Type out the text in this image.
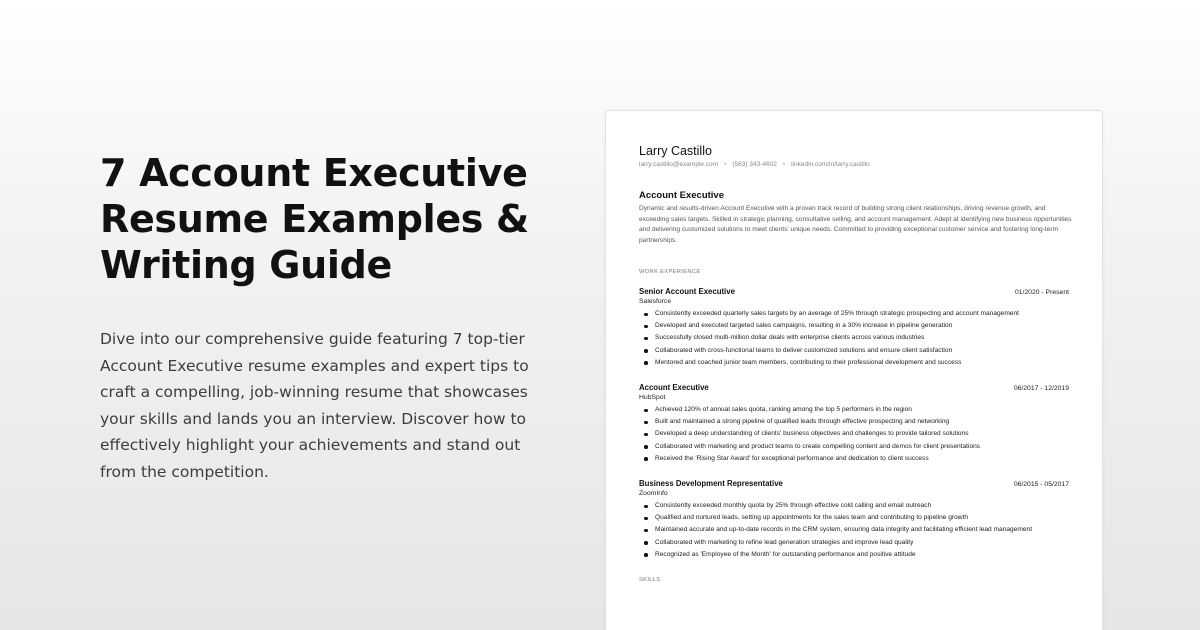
7 Account Executive
Resume Examples &
Writing Guide

Dive into our comprehensive guide featuring 7 top-tier Account Executive resume examples and expert tips to craft a compelling, job-winning resume that showcases your skills and lands you an interview. Discover how to effectively highlight your achievements and stand out from the competition.

Larry Castillo
larry.castillo@example.com • (563) 343-4602 • linkedin.com/in/larry.castillo
Account Executive
Dynamic and results-driven Account Executive with a proven track record of building strong client relationships, driving revenue growth, and exceeding sales targets. Skilled in strategic planning, consultative selling, and account management. Adept at identifying new business opportunities and delivering customized solutions to meet clients' unique needs. Committed to providing exceptional customer service and fostering long-term partnerships.
WORK EXPERIENCE
Senior Account Executive	01/2020 - Present
Salesforce
Consistently exceeded quarterly sales targets by an average of 25% through strategic prospecting and account management
Developed and executed targeted sales campaigns, resulting in a 30% increase in pipeline generation
Successfully closed multi-million dollar deals with enterprise clients across various industries
Collaborated with cross-functional teams to deliver customized solutions and ensure client satisfaction
Mentored and coached junior team members, contributing to their professional development and success
Account Executive	06/2017 - 12/2019
HubSpot
Achieved 120% of annual sales quota, ranking among the top 5 performers in the region
Built and maintained a strong pipeline of qualified leads through effective prospecting and networking
Developed a deep understanding of clients' business objectives and challenges to provide tailored solutions
Collaborated with marketing and product teams to create compelling content and demos for client presentations
Received the 'Rising Star Award' for exceptional performance and dedication to client success
Business Development Representative	06/2015 - 05/2017
ZoomInfo
Consistently exceeded monthly quota by 25% through effective cold calling and email outreach
Qualified and nurtured leads, setting up appointments for the sales team and contributing to pipeline growth
Maintained accurate and up-to-date records in the CRM system, ensuring data integrity and facilitating efficient lead management
Collaborated with marketing to refine lead generation strategies and improve lead quality
Recognized as 'Employee of the Month' for outstanding performance and positive attitude
SKILLS
